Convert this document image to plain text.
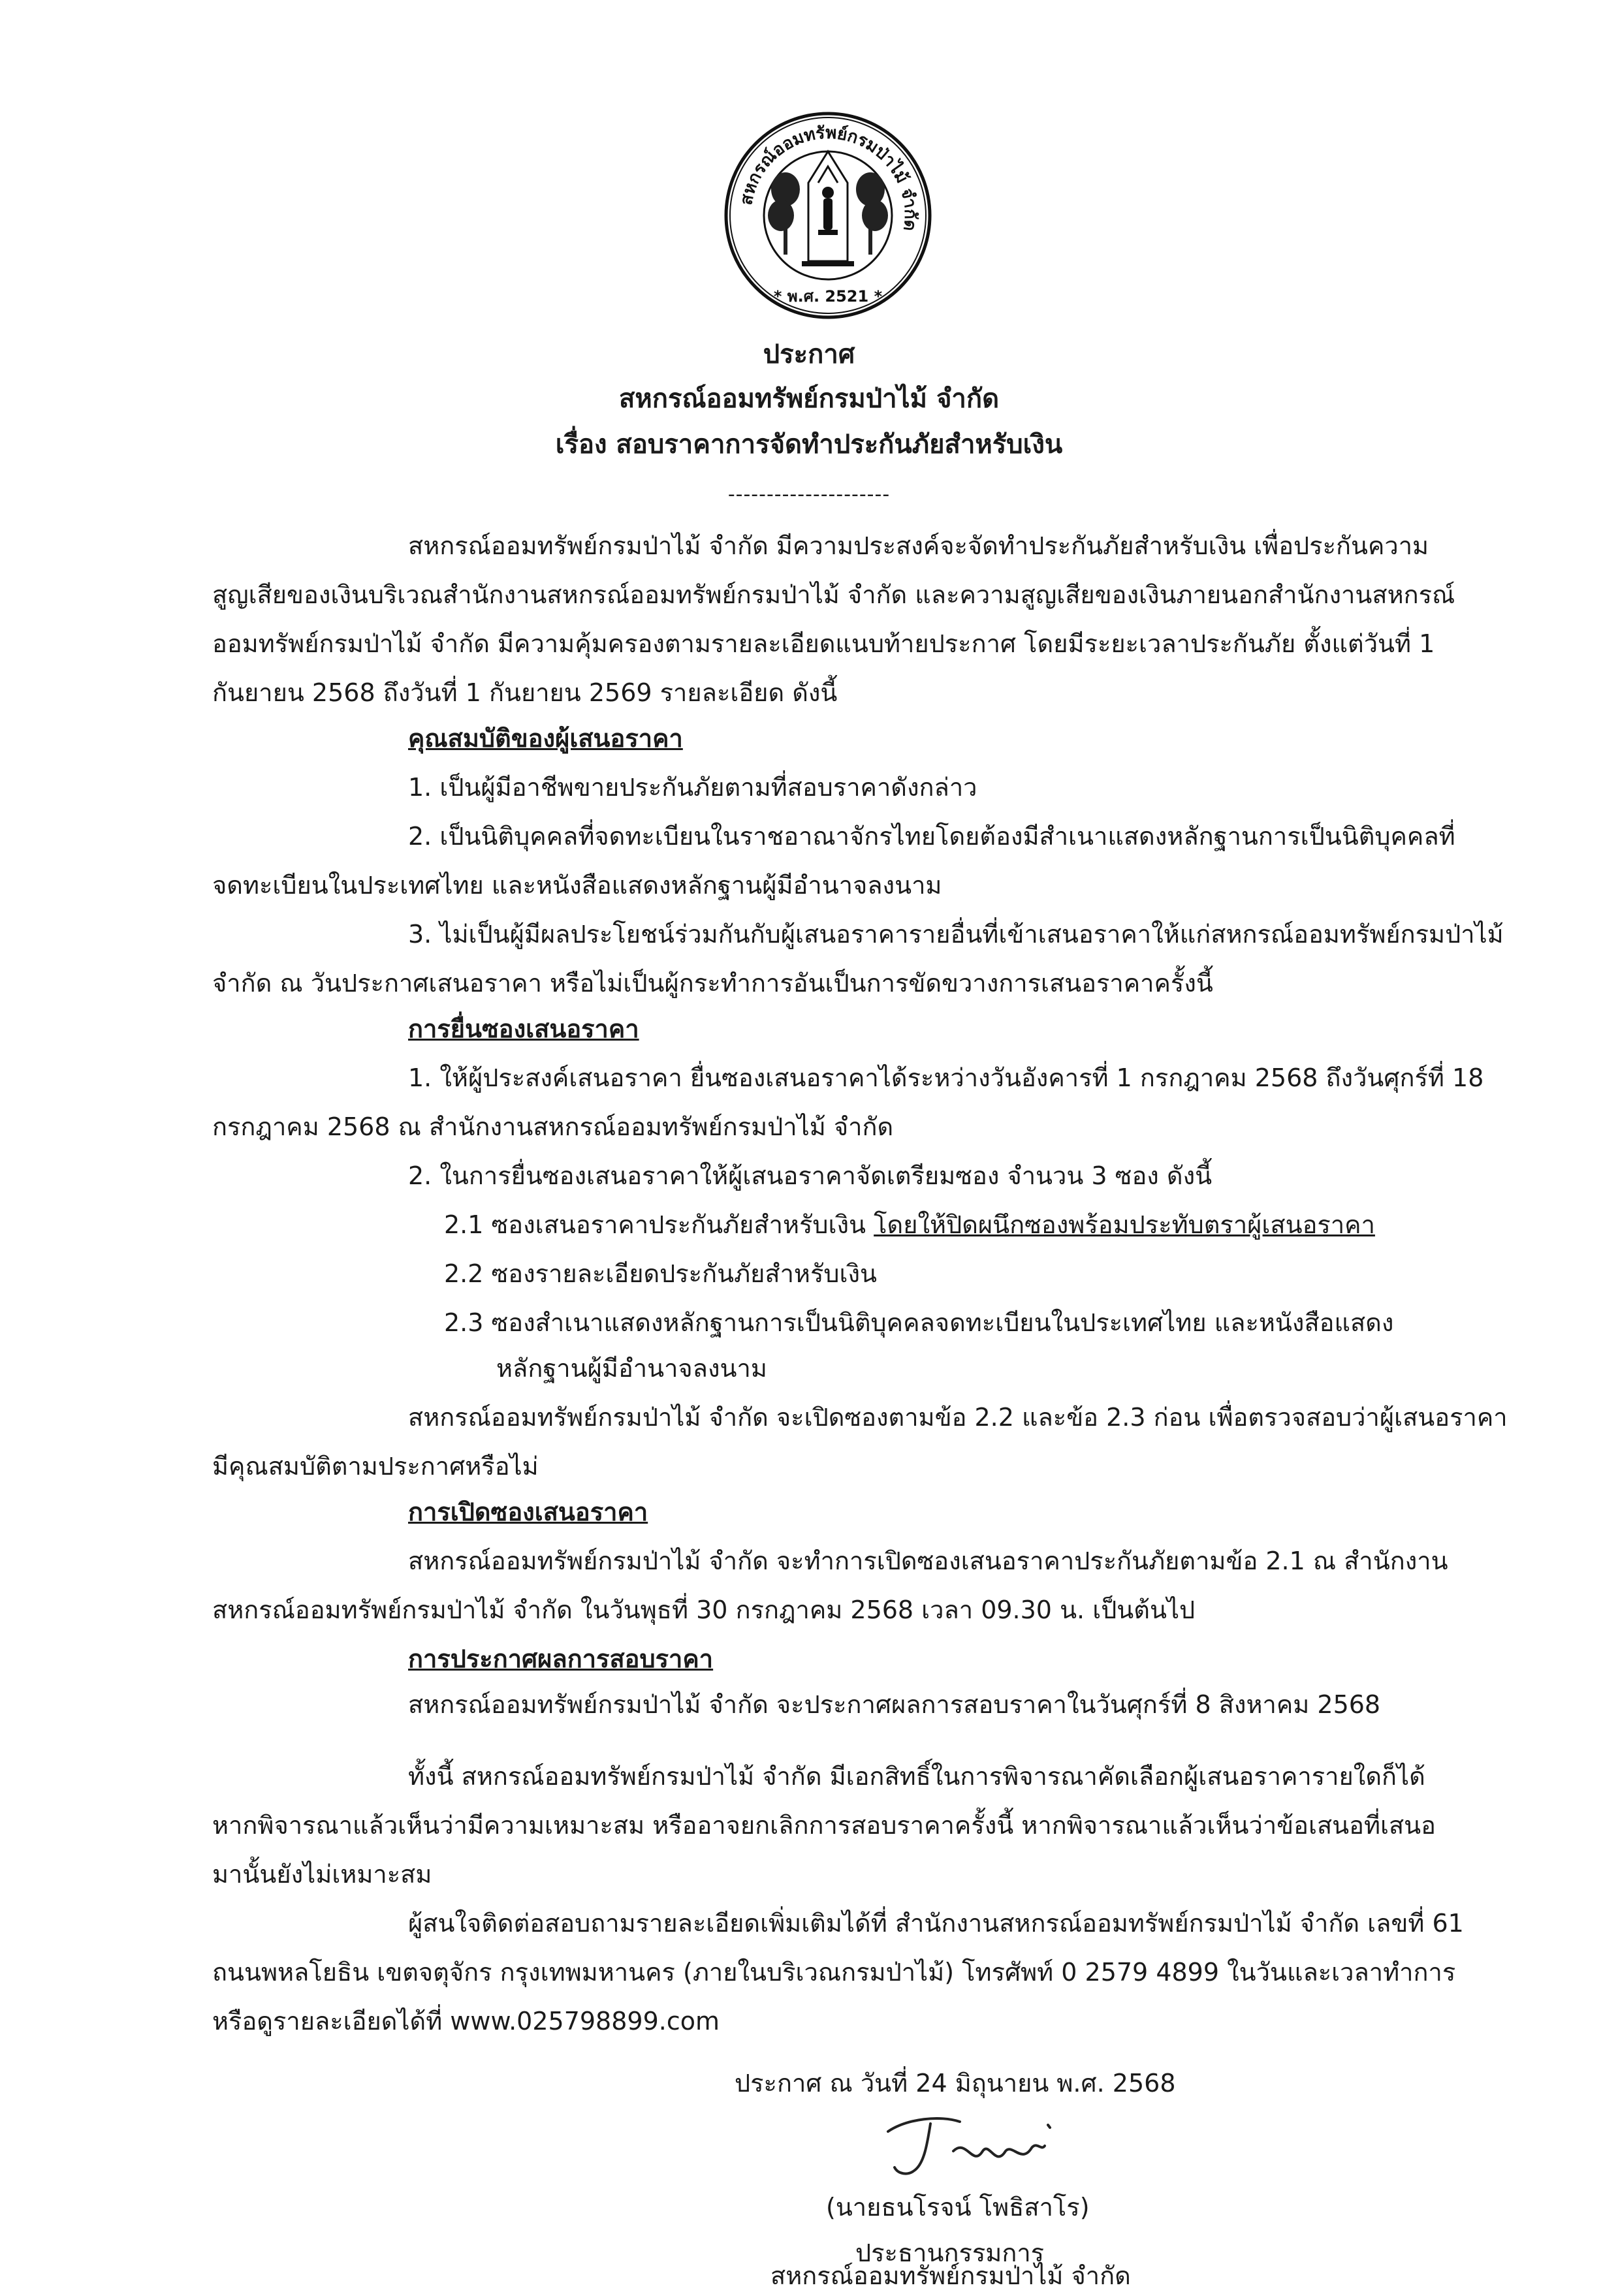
สหกรณ์ออมทรัพย์กรมป่าไม้ จำกัด
* พ.ศ. 2521 *
ประกาศ
สหกรณ์ออมทรัพย์กรมป่าไม้ จำกัด
เรื่อง สอบราคาการจัดทำประกันภัยสำหรับเงิน
---------------------

สหกรณ์ออมทรัพย์กรมป่าไม้ จำกัด มีความประสงค์จะจัดทำประกันภัยสำหรับเงิน เพื่อประกันความ

สูญเสียของเงินบริเวณสำนักงานสหกรณ์ออมทรัพย์กรมป่าไม้ จำกัด และความสูญเสียของเงินภายนอกสำนักงานสหกรณ์

ออมทรัพย์กรมป่าไม้ จำกัด มีความคุ้มครองตามรายละเอียดแนบท้ายประกาศ โดยมีระยะเวลาประกันภัย ตั้งแต่วันที่ 1

กันยายน 2568 ถึงวันที่ 1 กันยายน 2569 รายละเอียด ดังนี้

คุณสมบัติของผู้เสนอราคา

1. เป็นผู้มีอาชีพขายประกันภัยตามที่สอบราคาดังกล่าว

2. เป็นนิติบุคคลที่จดทะเบียนในราชอาณาจักรไทยโดยต้องมีสำเนาแสดงหลักฐานการเป็นนิติบุคคลที่

จดทะเบียนในประเทศไทย และหนังสือแสดงหลักฐานผู้มีอำนาจลงนาม

3. ไม่เป็นผู้มีผลประโยชน์ร่วมกันกับผู้เสนอราคารายอื่นที่เข้าเสนอราคาให้แก่สหกรณ์ออมทรัพย์กรมป่าไม้

จำกัด ณ วันประกาศเสนอราคา หรือไม่เป็นผู้กระทำการอันเป็นการขัดขวางการเสนอราคาครั้งนี้

การยื่นซองเสนอราคา

1. ให้ผู้ประสงค์เสนอราคา ยื่นซองเสนอราคาได้ระหว่างวันอังคารที่ 1 กรกฎาคม 2568 ถึงวันศุกร์ที่ 18

กรกฎาคม 2568 ณ สำนักงานสหกรณ์ออมทรัพย์กรมป่าไม้ จำกัด

2. ในการยื่นซองเสนอราคาให้ผู้เสนอราคาจัดเตรียมซอง จำนวน 3 ซอง ดังนี้

2.1 ซองเสนอราคาประกันภัยสำหรับเงิน โดยให้ปิดผนึกซองพร้อมประทับตราผู้เสนอราคา

2.2 ซองรายละเอียดประกันภัยสำหรับเงิน

2.3 ซองสำเนาแสดงหลักฐานการเป็นนิติบุคคลจดทะเบียนในประเทศไทย และหนังสือแสดง

หลักฐานผู้มีอำนาจลงนาม

สหกรณ์ออมทรัพย์กรมป่าไม้ จำกัด จะเปิดซองตามข้อ 2.2 และข้อ 2.3 ก่อน เพื่อตรวจสอบว่าผู้เสนอราคา

มีคุณสมบัติตามประกาศหรือไม่

การเปิดซองเสนอราคา

สหกรณ์ออมทรัพย์กรมป่าไม้ จำกัด จะทำการเปิดซองเสนอราคาประกันภัยตามข้อ 2.1 ณ สำนักงาน

สหกรณ์ออมทรัพย์กรมป่าไม้ จำกัด ในวันพุธที่ 30 กรกฎาคม 2568 เวลา 09.30 น. เป็นต้นไป

การประกาศผลการสอบราคา

สหกรณ์ออมทรัพย์กรมป่าไม้ จำกัด จะประกาศผลการสอบราคาในวันศุกร์ที่ 8 สิงหาคม 2568

ทั้งนี้ สหกรณ์ออมทรัพย์กรมป่าไม้ จำกัด มีเอกสิทธิ์ในการพิจารณาคัดเลือกผู้เสนอราคารายใดก็ได้

หากพิจารณาแล้วเห็นว่ามีความเหมาะสม หรืออาจยกเลิกการสอบราคาครั้งนี้ หากพิจารณาแล้วเห็นว่าข้อเสนอที่เสนอ

มานั้นยังไม่เหมาะสม

ผู้สนใจติดต่อสอบถามรายละเอียดเพิ่มเติมได้ที่ สำนักงานสหกรณ์ออมทรัพย์กรมป่าไม้ จำกัด เลขที่ 61

ถนนพหลโยธิน เขตจตุจักร กรุงเทพมหานคร (ภายในบริเวณกรมป่าไม้) โทรศัพท์ 0 2579 4899 ในวันและเวลาทำการ

หรือดูรายละเอียดได้ที่ www.025798899.com

ประกาศ ณ วันที่ 24 มิถุนายน พ.ศ. 2568

(นายธนโรจน์ โพธิสาโร)

ประธานกรรมการ

สหกรณ์ออมทรัพย์กรมป่าไม้ จำกัด
